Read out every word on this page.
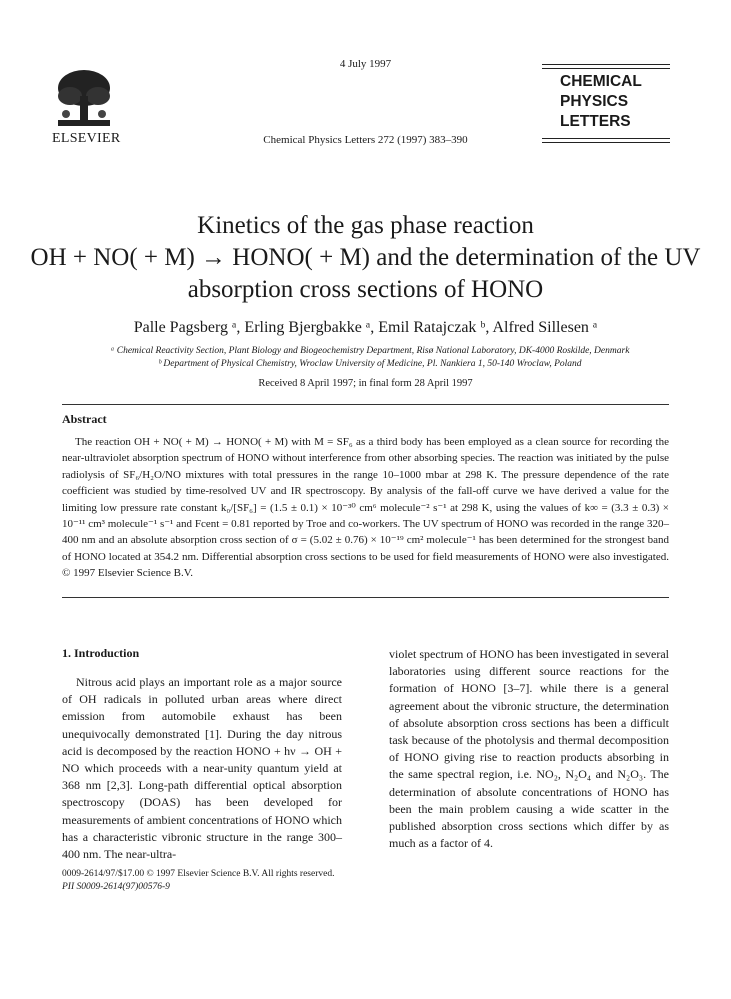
4 July 1997
ELSEVIER	Chemical Physics Letters 272 (1997) 383–390
CHEMICAL
PHYSICS
LETTERS
Kinetics of the gas phase reaction
OH + NO( + M) → HONO( + M) and the determination of the UV
absorption cross sections of HONO
Palle Pagsberg ᵃ, Erling Bjergbakke ᵃ, Emil Ratajczak ᵇ, Alfred Sillesen ᵃ
ᵃ Chemical Reactivity Section, Plant Biology and Biogeochemistry Department, Risø National Laboratory, DK-4000 Roskilde, Denmark
ᵇ Department of Physical Chemistry, Wroclaw University of Medicine, Pl. Nankiera 1, 50-140 Wroclaw, Poland
Received 8 April 1997; in final form 28 April 1997
Abstract

The reaction OH + NO( + M) → HONO( + M) with M = SF₆ as a third body has been employed as a clean source for recording the near-ultraviolet absorption spectrum of HONO without interference from other absorbing species. The reaction was initiated by the pulse radiolysis of SF₆/H₂O/NO mixtures with total pressures in the range 10–1000 mbar at 298 K. The pressure dependence of the rate coefficient was studied by time-resolved UV and IR spectroscopy. By analysis of the fall-off curve we have derived a value for the limiting low pressure rate constant k₀/[SF₆] = (1.5 ± 0.1) × 10⁻³⁰ cm⁶ molecule⁻² s⁻¹ at 298 K, using the values of k∞ = (3.3 ± 0.3) × 10⁻¹¹ cm³ molecule⁻¹ s⁻¹ and Fcent = 0.81 reported by Troe and co-workers. The UV spectrum of HONO was recorded in the range 320–400 nm and an absolute absorption cross section of σ = (5.02 ± 0.76) × 10⁻¹⁹ cm² molecule⁻¹ has been determined for the strongest band of HONO located at 354.2 nm. Differential absorption cross sections to be used for field measurements of HONO were also investigated. © 1997 Elsevier Science B.V.

1. Introduction

Nitrous acid plays an important role as a major source of OH radicals in polluted urban areas where direct emission from automobile exhaust has been unequivocally demonstrated [1]. During the day nitrous acid is decomposed by the reaction HONO + hν → OH + NO which proceeds with a near-unity quantum yield at 368 nm [2,3]. Long-path differential optical absorption spectroscopy (DOAS) has been developed for measurements of ambient concentrations of HONO which has a characteristic vibronic structure in the range 300–400 nm. The near-ultra-

violet spectrum of HONO has been investigated in several laboratories using different source reactions for the formation of HONO [3–7]. while there is a general agreement about the vibronic structure, the determination of absolute absorption cross sections has been a difficult task because of the photolysis and thermal decomposition of HONO giving rise to reaction products absorbing in the same spectral region, i.e. NO₂, N₂O₄ and N₂O₃. The determination of absolute concentrations of HONO has been the main problem causing a wide scatter in the published absorption cross sections which differ by as much as a factor of 4.

0009-2614/97/$17.00 © 1997 Elsevier Science B.V. All rights reserved.
PII S0009-2614(97)00576-9
